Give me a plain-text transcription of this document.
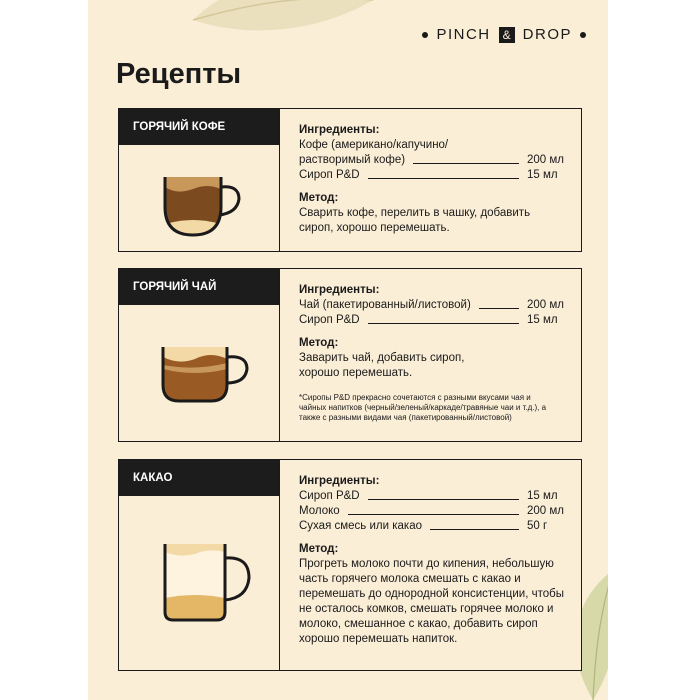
PINCH	& DROP
Рецепты
ГОРЯЧИЙ КОФЕ	Ингредиенты:
Кофе (американо/капучино/
растворимый кофе)	200 мл
Сироп P&D	15 мл
Метод:
Сварить кофе, перелить в чашку, добавить сироп, хорошо перемешать.
ГОРЯЧИЙ ЧАЙ	Ингредиенты:
Чай (пакетированный/листовой)	200 мл
Сироп P&D	15 мл
Метод:
Заварить чай, добавить сироп, хорошо перемешать.
*Сиропы P&D прекрасно сочетаются с разными вкусами чая и чайных напитков (черный/зеленый/каркаде/травяные чаи и т.д.), а также с разными видами чая (пакетированный/листовой)
КАКАО	Ингредиенты:
Сироп P&D	15 мл
Молоко	200 мл
Сухая смесь или какао	50 г
Метод:
Прогреть молоко почти до кипения, небольшую часть горячего молока смешать с какао и перемешать до однородной консистенции, чтобы не осталось комков, смешать горячее молоко и молоко, смешанное с какао, добавить сироп хорошо перемешать напиток.
